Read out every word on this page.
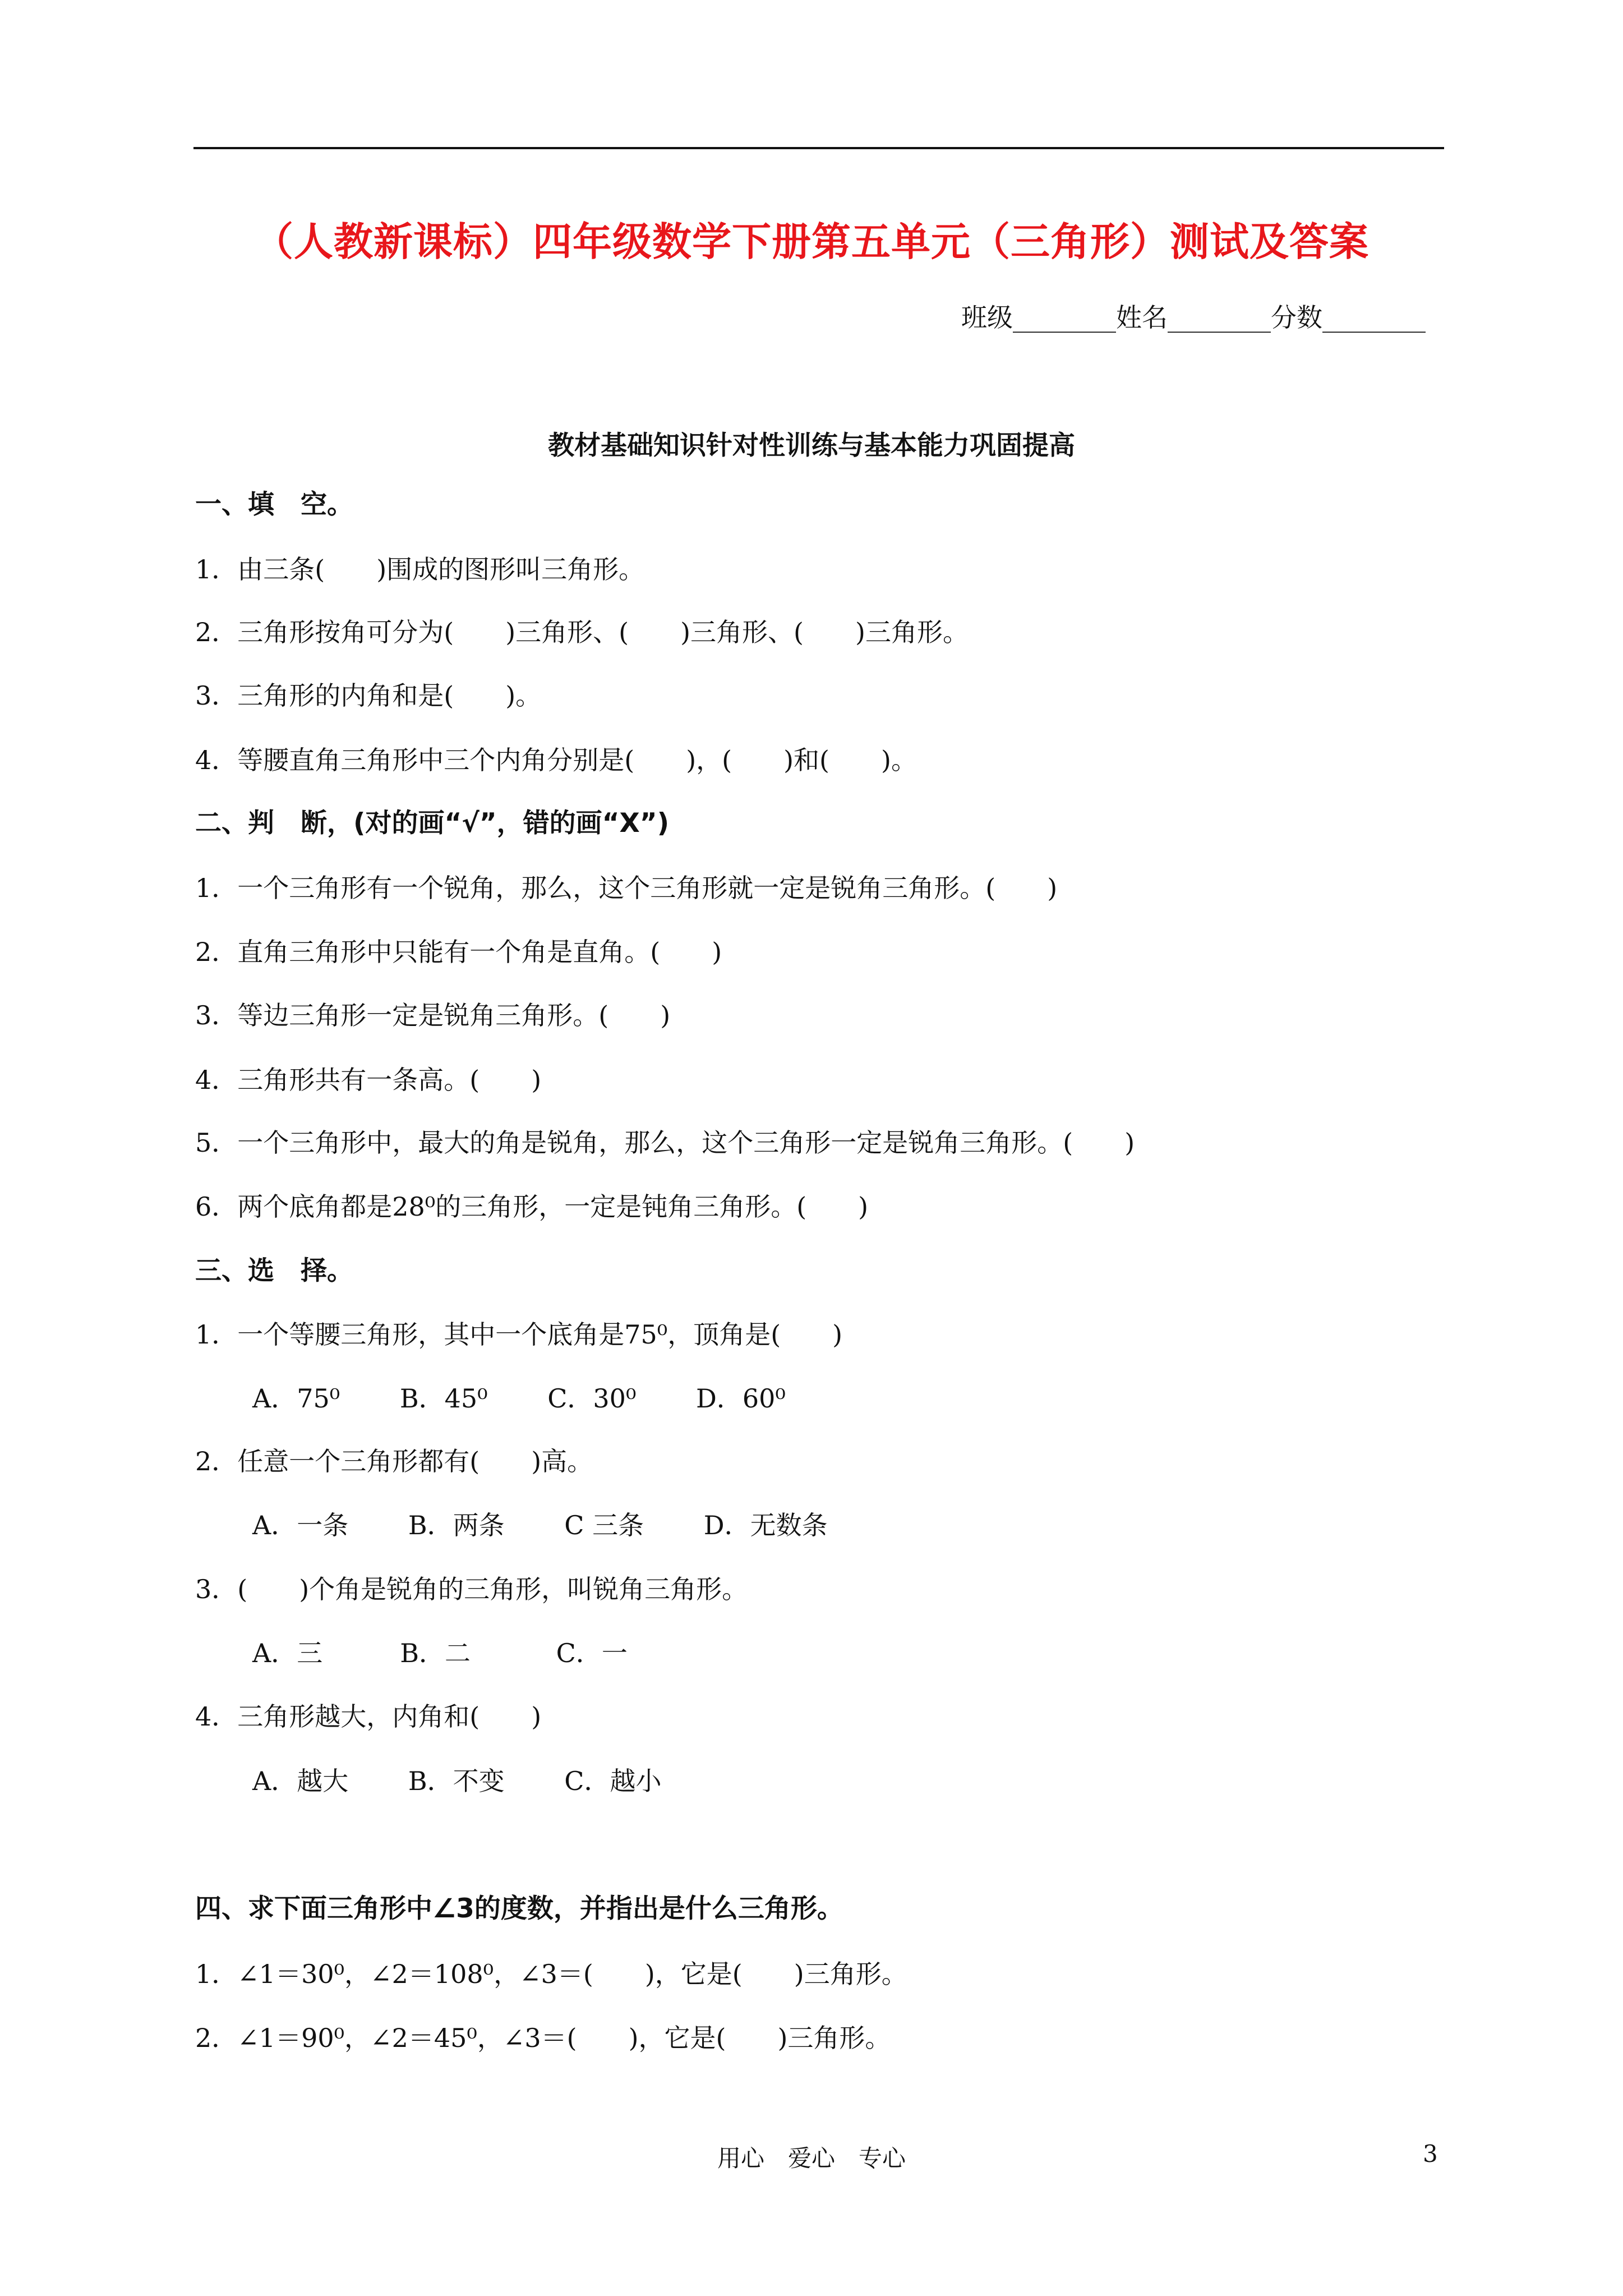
（人教新课标）四年级数学下册第五单元（三角形）测试及答案
班级________姓名________分数________
教材基础知识针对性训练与基本能力巩固提高
一、填　空。
1．由三条(　　)围成的图形叫三角形。
2．三角形按角可分为(　　)三角形、(　　)三角形、(　　)三角形。
3．三角形的内角和是(　　)。
4．等腰直角三角形中三个内角分别是(　　)，(　　)和(　　)。
二、判　断，(对的画“√”，错的画“X”)
1．一个三角形有一个锐角，那么，这个三角形就一定是锐角三角形。(　　)
2．直角三角形中只能有一个角是直角。(　　)
3．等边三角形一定是锐角三角形。(　　)
4．三角形共有一条高。(　　)
5．一个三角形中，最大的角是锐角，那么，这个三角形一定是锐角三角形。(　　)
6．两个底角都是28⁰的三角形，一定是钝角三角形。(　　)
三、选　择。
1．一个等腰三角形，其中一个底角是75⁰，顶角是(　　)
A．75⁰　　 B．45⁰　　 C．30⁰　　 D．60⁰
2．任意一个三角形都有(　　)高。
A．一条　　 B．两条　　 C 三条　　 D．无数条
3．(　　)个角是锐角的三角形，叫锐角三角形。
A．三　　　B．二　　　 C．一
4．三角形越大，内角和(　　)
A．越大　　 B．不变　　 C．越小
四、求下面三角形中∠3的度数，并指出是什么三角形。
1．∠1＝30⁰，∠2＝108⁰，∠3＝(　　)，它是(　　)三角形。
2．∠1＝90⁰，∠2＝45⁰，∠3＝(　　)，它是(　　)三角形。
用心　爱心　专心	3
